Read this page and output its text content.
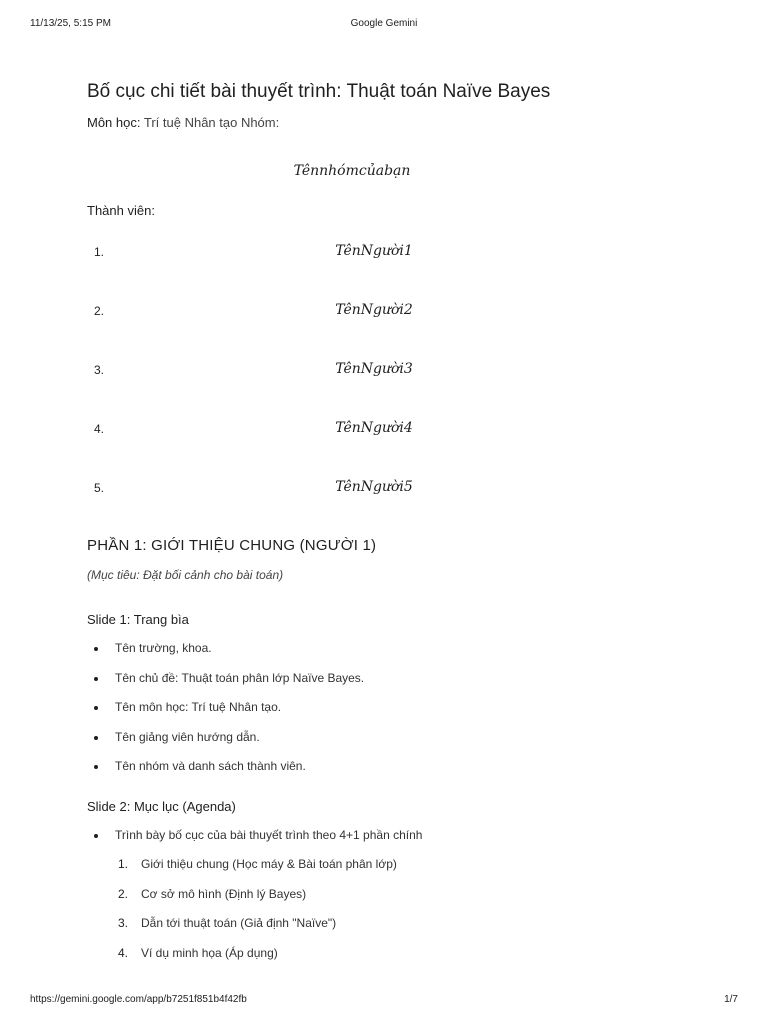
11/13/25, 5:15 PM	Google Gemini
Bố cục chi tiết bài thuyết trình: Thuật toán Naïve Bayes
Môn học: Trí tuệ Nhân tạo Nhóm:
Tênnhómcủabạn
Thành viên:
1.	TênNgười1
2.	TênNgười2
3.	TênNgười3
4.	TênNgười4
5.	TênNgười5
PHẦN 1: GIỚI THIỆU CHUNG (NGƯỜI 1)
(Mục tiêu: Đặt bối cảnh cho bài toán)
Slide 1: Trang bìa
Tên trường, khoa.
Tên chủ đề: Thuật toán phân lớp Naïve Bayes.
Tên môn học: Trí tuệ Nhân tạo.
Tên giảng viên hướng dẫn.
Tên nhóm và danh sách thành viên.
Slide 2: Mục lục (Agenda)
Trình bày bố cục của bài thuyết trình theo 4+1 phần chính
1. Giới thiệu chung (Học máy & Bài toán phân lớp)
2. Cơ sở mô hình (Định lý Bayes)
3. Dẫn tới thuật toán (Giả định "Naïve")
4. Ví dụ minh họa (Áp dụng)
https://gemini.google.com/app/b7251f851b4f42fb	1/7
